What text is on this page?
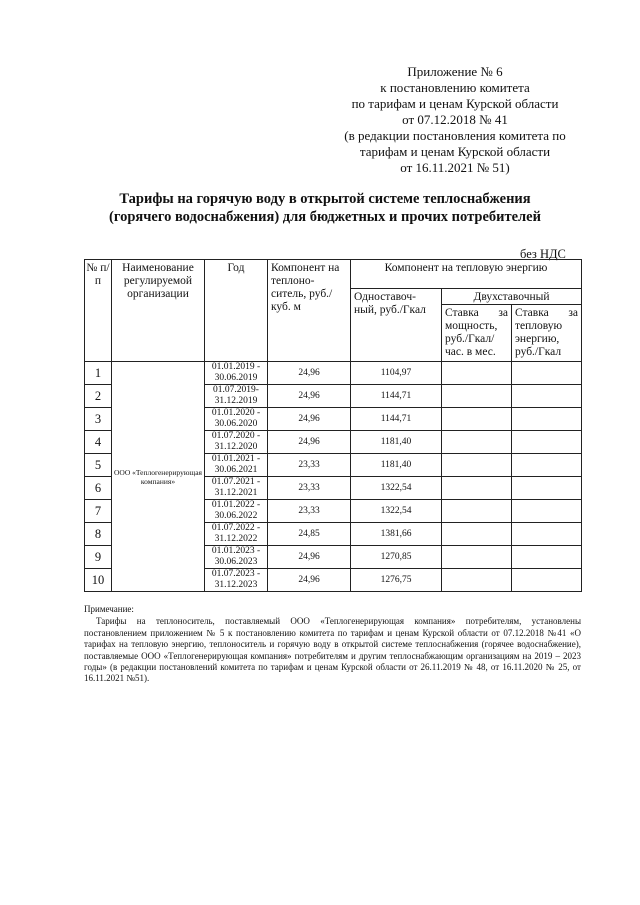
Приложение № 6
к постановлению комитета
по тарифам и ценам Курской области
от 07.12.2018 № 41
(в редакции постановления комитета по
тарифам и ценам Курской области
от 16.11.2021 № 51)
Тарифы на горячую воду в открытой системе теплоснабжения
(горячего водоснабжения) для бюджетных и прочих потребителей
без НДС
№ п/п	Наименование регулируемой организации	Год	Компонент на теплоно-ситель, руб./куб. м	Компонент на тепловую энергию		
				Одноставоч-ный, руб./Гкал	Двухставочный	
					Ставка за мощность, руб./Гкал/час. в мес.	Ставка за тепловую энергию, руб./Гкал
1	ООО «Теплогенерирующая компания»	01.01.2019 - 30.06.2019	24,96	1104,97		
2		01.07.2019- 31.12.2019	24,96	1144,71		
3		01.01.2020 - 30.06.2020	24,96	1144,71		
4		01.07.2020 - 31.12.2020	24,96	1181,40		
5		01.01.2021 - 30.06.2021	23,33	1181,40		
6		01.07.2021 - 31.12.2021	23,33	1322,54		
7		01.01.2022 - 30.06.2022	23,33	1322,54		
8		01.07.2022 - 31.12.2022	24,85	1381,66		
9		01.01.2023 - 30.06.2023	24,96	1270,85		
10		01.07.2023 - 31.12.2023	24,96	1276,75		
Примечание:
Тарифы на теплоноситель, поставляемый ООО «Теплогенерирующая компания» потребителям, установлены постановлением приложением № 5 к постановлению комитета по тарифам и ценам Курской области от 07.12.2018 №41 «О тарифах на тепловую энергию, теплоноситель и горячую воду в открытой системе теплоснабжения (горячее водоснабжение), поставляемые ООО «Теплогенерирующая компания» потребителям и другим теплоснабжающим организациям на 2019 – 2023 годы» (в редакции постановлений комитета по тарифам и ценам Курской области от 26.11.2019 № 48, от 16.11.2020 № 25, от 16.11.2021 №51).
